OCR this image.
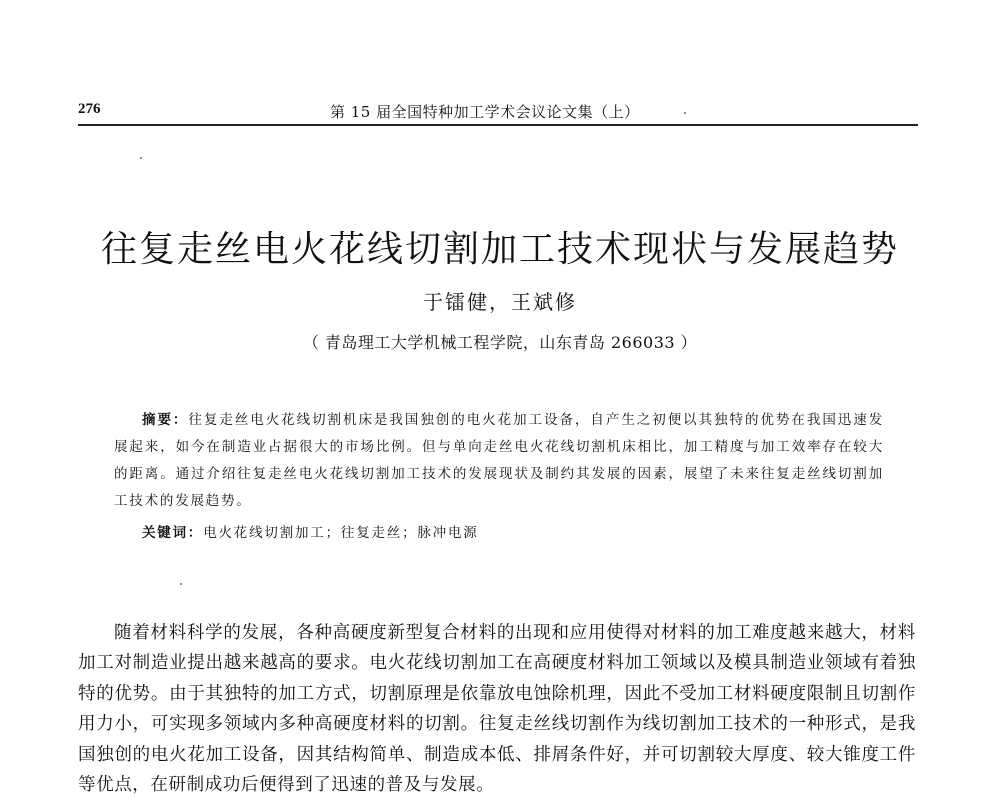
276	第 15 届全国特种加工学术会议论文集（上）
往复走丝电火花线切割加工技术现状与发展趋势
于镭健，王斌修
（ 青岛理工大学机械工程学院，山东青岛 266033 ）
摘要：往复走丝电火花线切割机床是我国独创的电火花加工设备，自产生之初便以其独特的优势在我国迅速发展起来，如今在制造业占据很大的市场比例。但与单向走丝电火花线切割机床相比，加工精度与加工效率存在较大的距离。通过介绍往复走丝电火花线切割加工技术的发展现状及制约其发展的因素，展望了未来往复走丝线切割加工技术的发展趋势。
关键词：电火花线切割加工；往复走丝；脉冲电源

随着材料科学的发展，各种高硬度新型复合材料的出现和应用使得对材料的加工难度越来越大，材料加工对制造业提出越来越高的要求。电火花线切割加工在高硬度材料加工领域以及模具制造业领域有着独特的优势。由于其独特的加工方式，切割原理是依靠放电蚀除机理，因此不受加工材料硬度限制且切割作用力小，可实现多领域内多种高硬度材料的切割。往复走丝线切割作为线切割加工技术的一种形式，是我国独创的电火花加工设备，因其结构简单、制造成本低、排屑条件好，并可切割较大厚度、较大锥度工件等优点，在研制成功后便得到了迅速的普及与发展。
